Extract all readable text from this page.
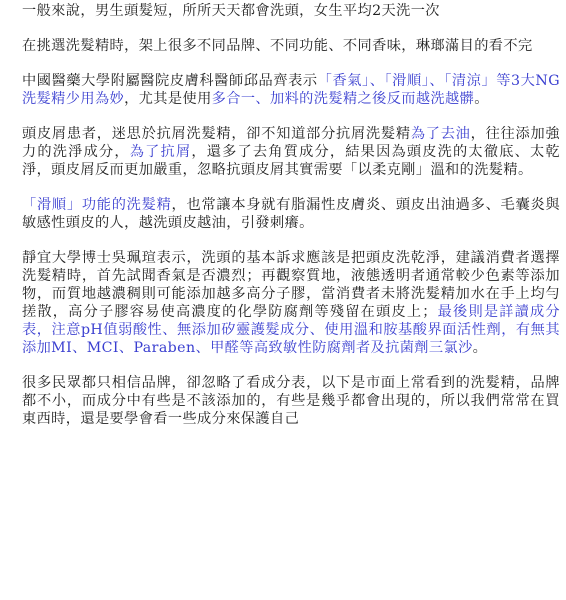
一般來說，男生頭髮短，所所天天都會洗頭，女生平均2天洗一次

在挑選洗髮精時，架上很多不同品牌、不同功能、不同香味，琳瑯滿目的看不完

中國醫藥大學附屬醫院皮膚科醫師邱品齊表示「香氣」、「滑順」、「清涼」等3大NG洗髮精少用為妙，尤其是使用多合一、加料的洗髮精之後反而越洗越髒。

頭皮屑患者，迷思於抗屑洗髮精，卻不知道部分抗屑洗髮精為了去油，往往添加強力的洗淨成分，為了抗屑，還多了去角質成分，結果因為頭皮洗的太徹底、太乾淨，頭皮屑反而更加嚴重，忽略抗頭皮屑其實需要「以柔克剛」溫和的洗髮精。

「滑順」功能的洗髮精，也常讓本身就有脂漏性皮膚炎、頭皮出油過多、毛囊炎與敏感性頭皮的人，越洗頭皮越油，引發刺癢。

靜宜大學博士吳珮瑄表示，洗頭的基本訴求應該是把頭皮洗乾淨，建議消費者選擇洗髮精時，首先試聞香氣是否濃烈；再觀察質地，液態透明者通常較少色素等添加物，而質地越濃稠則可能添加越多高分子膠，當消費者未將洗髮精加水在手上均勻搓散，高分子膠容易使高濃度的化學防腐劑等殘留在頭皮上；最後則是詳讀成分表，注意pH值弱酸性、無添加矽靈護髮成分、使用溫和胺基酸界面活性劑，有無其添加MI、MCI、Paraben、甲醛等高致敏性防腐劑者及抗菌劑三氯沙。

很多民眾都只相信品牌，卻忽略了看成分表，以下是市面上常看到的洗髮精，品牌都不小，而成分中有些是不該添加的，有些是幾乎都會出現的，所以我們常常在買東西時，還是要學會看一些成分來保護自己
